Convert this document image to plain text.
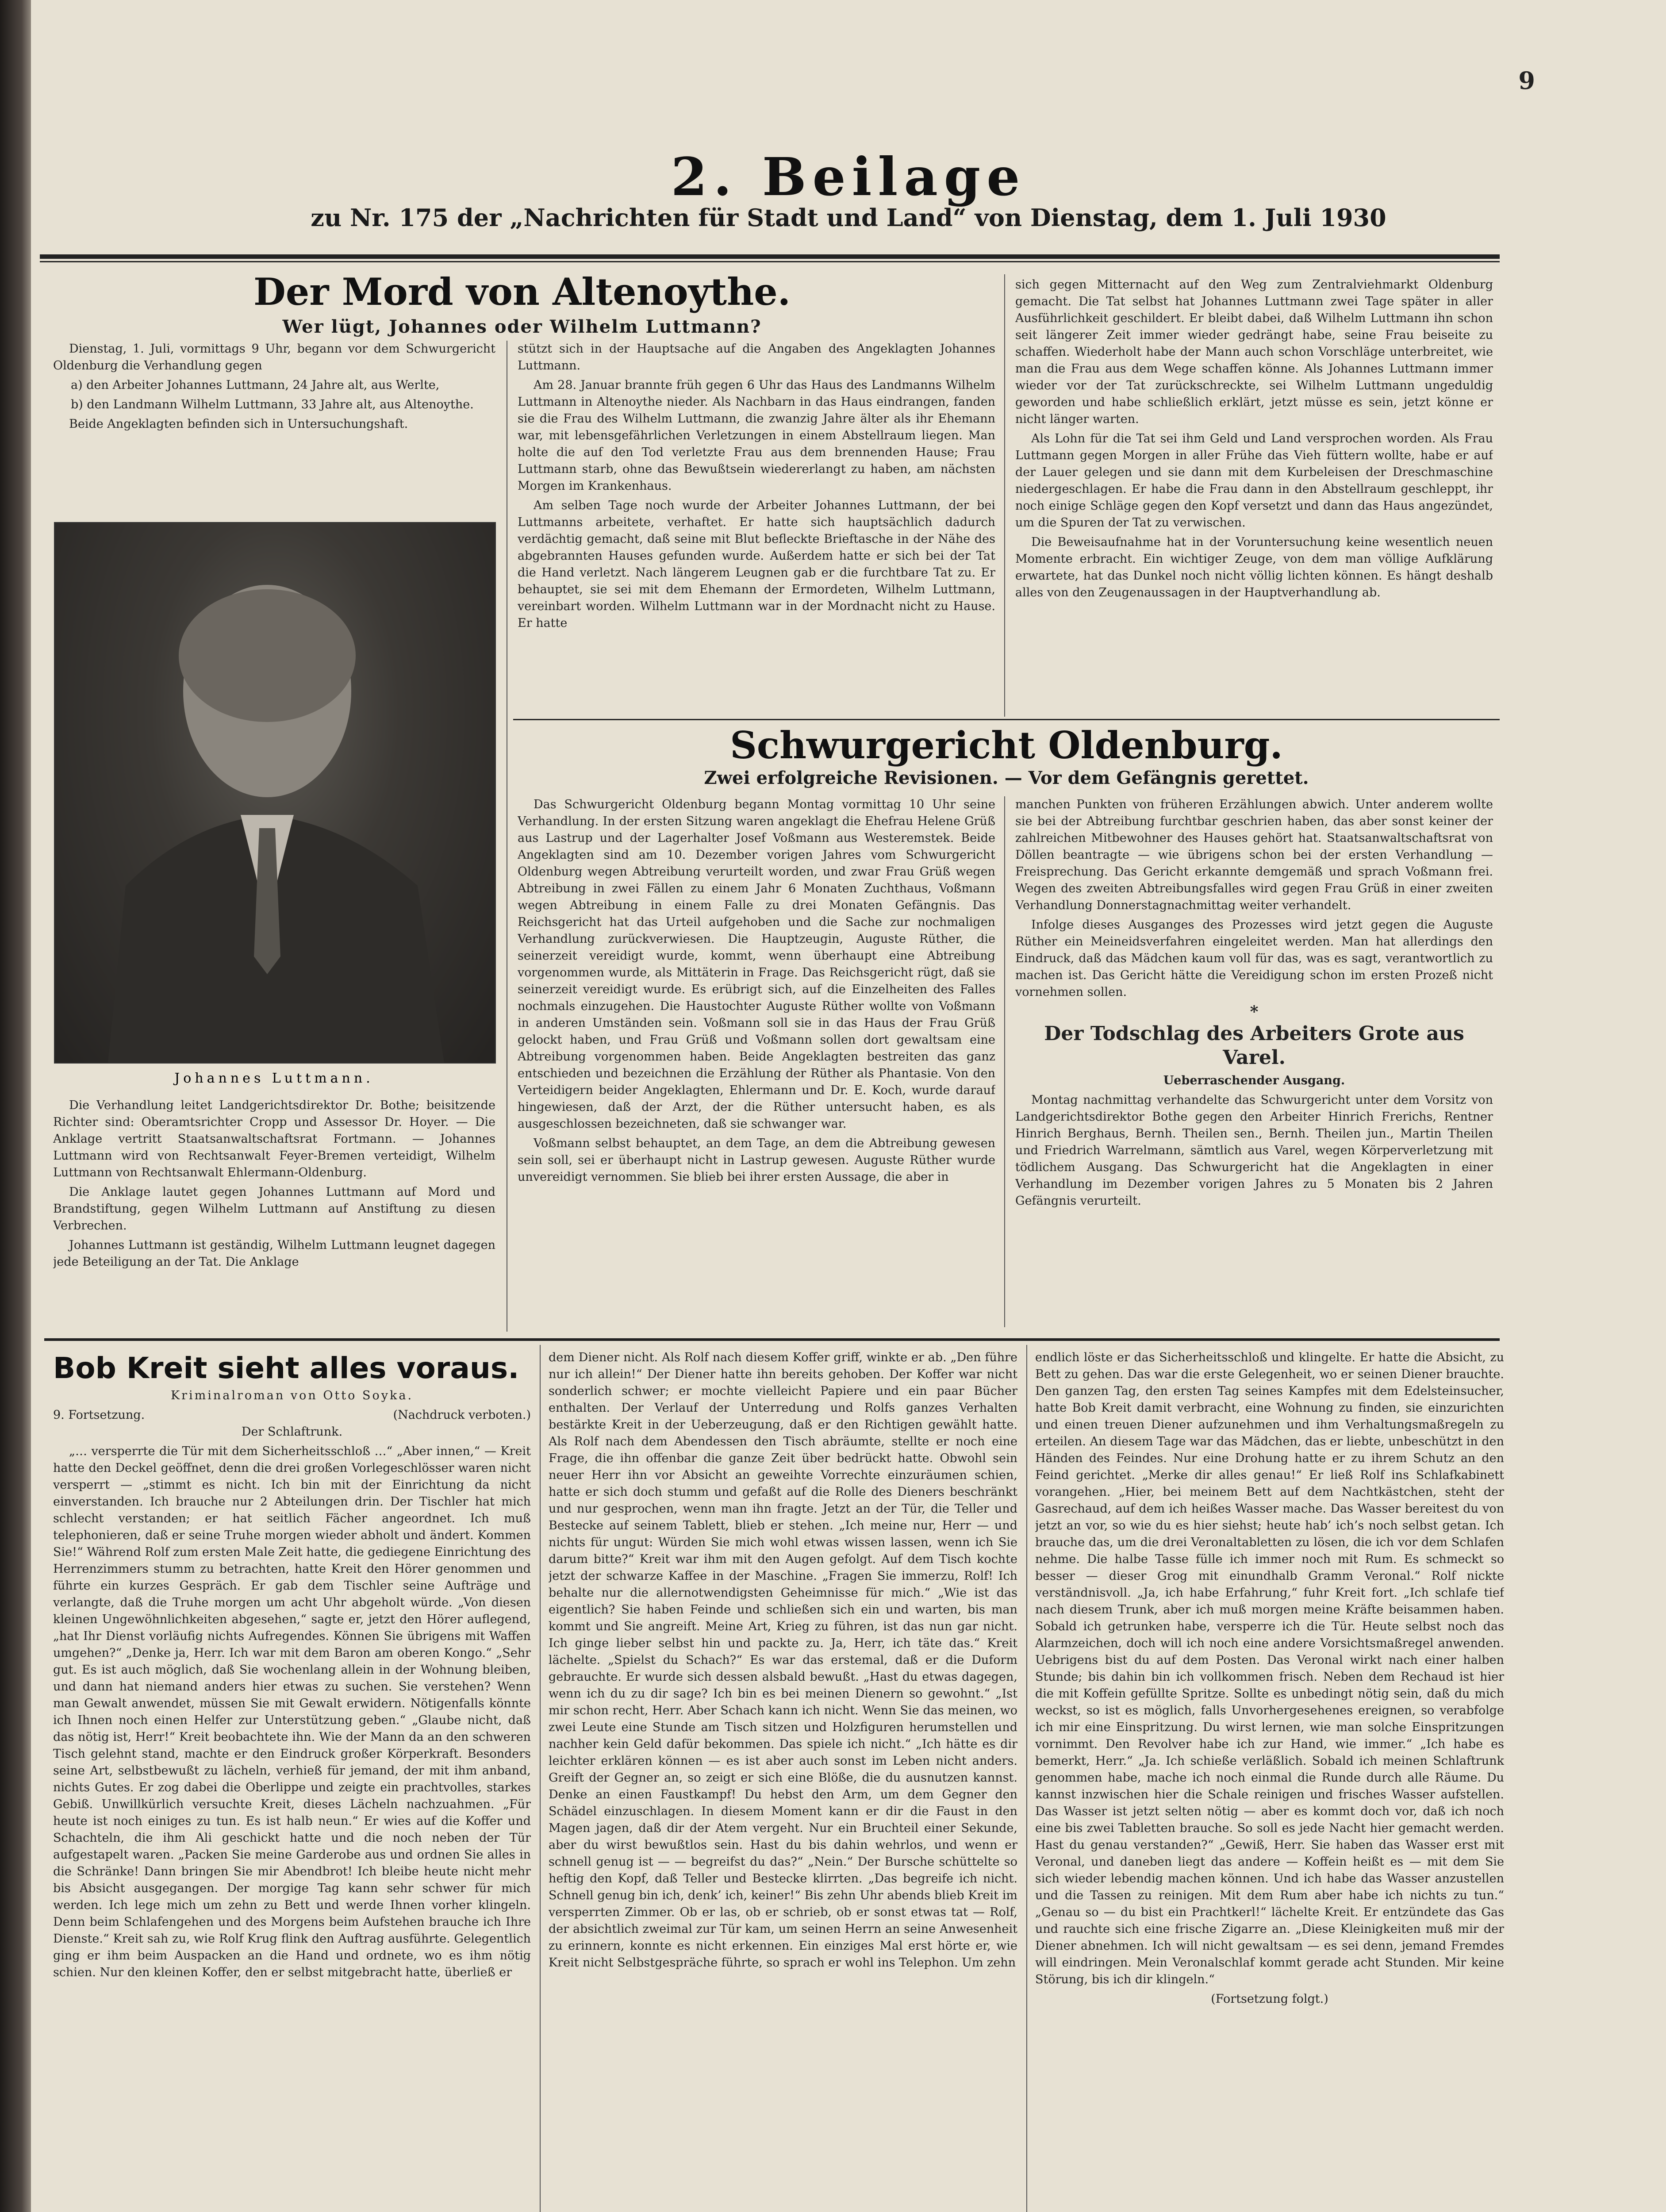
9
2. Beilage
zu Nr. 175 der „Nachrichten für Stadt und Land“ von Dienstag, dem 1. Juli 1930
Der Mord von Altenoythe.
Wer lügt, Johannes oder Wilhelm Luttmann?

Dienstag, 1. Juli, vormittags 9 Uhr, begann vor dem Schwurgericht Oldenburg die Verhandlung gegen

a) den Arbeiter Johannes Luttmann, 24 Jahre alt, aus Werlte,

b) den Landmann Wilhelm Luttmann, 33 Jahre alt, aus Altenoythe.

Beide Angeklagten befinden sich in Untersuchungshaft.

Johannes Luttmann.

Die Verhandlung leitet Landgerichtsdirektor Dr. Bothe; beisitzende Richter sind: Oberamtsrichter Cropp und Assessor Dr. Hoyer. — Die Anklage vertritt Staatsanwaltschaftsrat Fortmann. — Johannes Luttmann wird von Rechtsanwalt Feyer-Bremen verteidigt, Wilhelm Luttmann von Rechtsanwalt Ehlermann-Oldenburg.

Die Anklage lautet gegen Johannes Luttmann auf Mord und Brandstiftung, gegen Wilhelm Luttmann auf Anstiftung zu diesen Verbrechen.

Johannes Luttmann ist geständig, Wilhelm Luttmann leugnet dagegen jede Beteiligung an der Tat. Die Anklage

stützt sich in der Hauptsache auf die Angaben des Angeklagten Johannes Luttmann.

Am 28. Januar brannte früh gegen 6 Uhr das Haus des Landmanns Wilhelm Luttmann in Altenoythe nieder. Als Nachbarn in das Haus eindrangen, fanden sie die Frau des Wilhelm Luttmann, die zwanzig Jahre älter als ihr Ehemann war, mit lebensgefährlichen Verletzungen in einem Abstellraum liegen. Man holte die auf den Tod verletzte Frau aus dem brennenden Hause; Frau Luttmann starb, ohne das Bewußtsein wiedererlangt zu haben, am nächsten Morgen im Krankenhaus.

Am selben Tage noch wurde der Arbeiter Johannes Luttmann, der bei Luttmanns arbeitete, verhaftet. Er hatte sich hauptsächlich dadurch verdächtig gemacht, daß seine mit Blut befleckte Brieftasche in der Nähe des abgebrannten Hauses gefunden wurde. Außerdem hatte er sich bei der Tat die Hand verletzt. Nach längerem Leugnen gab er die furchtbare Tat zu. Er behauptet, sie sei mit dem Ehemann der Ermordeten, Wilhelm Luttmann, vereinbart worden. Wilhelm Luttmann war in der Mordnacht nicht zu Hause. Er hatte

sich gegen Mitternacht auf den Weg zum Zentralviehmarkt Oldenburg gemacht. Die Tat selbst hat Johannes Luttmann zwei Tage später in aller Ausführlichkeit geschildert. Er bleibt dabei, daß Wilhelm Luttmann ihn schon seit längerer Zeit immer wieder gedrängt habe, seine Frau beiseite zu schaffen. Wiederholt habe der Mann auch schon Vorschläge unterbreitet, wie man die Frau aus dem Wege schaffen könne. Als Johannes Luttmann immer wieder vor der Tat zurückschreckte, sei Wilhelm Luttmann ungeduldig geworden und habe schließlich erklärt, jetzt müsse es sein, jetzt könne er nicht länger warten.

Als Lohn für die Tat sei ihm Geld und Land versprochen worden. Als Frau Luttmann gegen Morgen in aller Frühe das Vieh füttern wollte, habe er auf der Lauer gelegen und sie dann mit dem Kurbeleisen der Dreschmaschine niedergeschlagen. Er habe die Frau dann in den Abstellraum geschleppt, ihr noch einige Schläge gegen den Kopf versetzt und dann das Haus angezündet, um die Spuren der Tat zu verwischen.

Die Beweisaufnahme hat in der Voruntersuchung keine wesentlich neuen Momente erbracht. Ein wichtiger Zeuge, von dem man völlige Aufklärung erwartete, hat das Dunkel noch nicht völlig lichten können. Es hängt deshalb alles von den Zeugenaussagen in der Hauptverhandlung ab.

Schwurgericht Oldenburg.
Zwei erfolgreiche Revisionen. — Vor dem Gefängnis gerettet.

Das Schwurgericht Oldenburg begann Montag vormittag 10 Uhr seine Verhandlung. In der ersten Sitzung waren angeklagt die Ehefrau Helene Grüß aus Lastrup und der Lagerhalter Josef Voßmann aus Westeremstek. Beide Angeklagten sind am 10. Dezember vorigen Jahres vom Schwurgericht Oldenburg wegen Abtreibung verurteilt worden, und zwar Frau Grüß wegen Abtreibung in zwei Fällen zu einem Jahr 6 Monaten Zuchthaus, Voßmann wegen Abtreibung in einem Falle zu drei Monaten Gefängnis. Das Reichsgericht hat das Urteil aufgehoben und die Sache zur nochmaligen Verhandlung zurückverwiesen. Die Hauptzeugin, Auguste Rüther, die seinerzeit vereidigt wurde, kommt, wenn überhaupt eine Abtreibung vorgenommen wurde, als Mittäterin in Frage. Das Reichsgericht rügt, daß sie seinerzeit vereidigt wurde. Es erübrigt sich, auf die Einzelheiten des Falles nochmals einzugehen. Die Haustochter Auguste Rüther wollte von Voßmann in anderen Umständen sein. Voßmann soll sie in das Haus der Frau Grüß gelockt haben, und Frau Grüß und Voßmann sollen dort gewaltsam eine Abtreibung vorgenommen haben. Beide Angeklagten bestreiten das ganz entschieden und bezeichnen die Erzählung der Rüther als Phantasie. Von den Verteidigern beider Angeklagten, Ehlermann und Dr. E. Koch, wurde darauf hingewiesen, daß der Arzt, der die Rüther untersucht haben, es als ausgeschlossen bezeichneten, daß sie schwanger war.

Voßmann selbst behauptet, an dem Tage, an dem die Abtreibung gewesen sein soll, sei er überhaupt nicht in Lastrup gewesen. Auguste Rüther wurde unvereidigt vernommen. Sie blieb bei ihrer ersten Aussage, die aber in

manchen Punkten von früheren Erzählungen abwich. Unter anderem wollte sie bei der Abtreibung furchtbar geschrien haben, das aber sonst keiner der zahlreichen Mitbewohner des Hauses gehört hat. Staatsanwaltschaftsrat von Döllen beantragte — wie übrigens schon bei der ersten Verhandlung — Freisprechung. Das Gericht erkannte demgemäß und sprach Voßmann frei. Wegen des zweiten Abtreibungsfalles wird gegen Frau Grüß in einer zweiten Verhandlung Donnerstagnachmittag weiter verhandelt.

Infolge dieses Ausganges des Prozesses wird jetzt gegen die Auguste Rüther ein Meineidsverfahren eingeleitet werden. Man hat allerdings den Eindruck, daß das Mädchen kaum voll für das, was es sagt, verantwortlich zu machen ist. Das Gericht hätte die Vereidigung schon im ersten Prozeß nicht vornehmen sollen.

*

Der Todschlag des Arbeiters Grote aus Varel.

Ueberraschender Ausgang.

Montag nachmittag verhandelte das Schwurgericht unter dem Vorsitz von Landgerichtsdirektor Bothe gegen den Arbeiter Hinrich Frerichs, Rentner Hinrich Berghaus, Bernh. Theilen sen., Bernh. Theilen jun., Martin Theilen und Friedrich Warrelmann, sämtlich aus Varel, wegen Körperverletzung mit tödlichem Ausgang. Das Schwurgericht hat die Angeklagten in einer Verhandlung im Dezember vorigen Jahres zu 5 Monaten bis 2 Jahren Gefängnis verurteilt.

Bob Kreit sieht alles voraus.

Kriminalroman von Otto Soyka.

9. Fortsetzung.	(Nachdruck verboten.)

Der Schlaftrunk.

„… versperrte die Tür mit dem Sicherheitsschloß …“ „Aber innen,“ — Kreit hatte den Deckel geöffnet, denn die drei großen Vorlegeschlösser waren nicht versperrt — „stimmt es nicht. Ich bin mit der Einrichtung da nicht einverstanden. Ich brauche nur 2 Abteilungen drin. Der Tischler hat mich schlecht verstanden; er hat seitlich Fächer angeordnet. Ich muß telephonieren, daß er seine Truhe morgen wieder abholt und ändert. Kommen Sie!“ Während Rolf zum ersten Male Zeit hatte, die gediegene Einrichtung des Herrenzimmers stumm zu betrachten, hatte Kreit den Hörer genommen und führte ein kurzes Gespräch. Er gab dem Tischler seine Aufträge und verlangte, daß die Truhe morgen um acht Uhr abgeholt würde. „Von diesen kleinen Ungewöhnlichkeiten abgesehen,“ sagte er, jetzt den Hörer auflegend, „hat Ihr Dienst vorläufig nichts Aufregendes. Können Sie übrigens mit Waffen umgehen?“ „Denke ja, Herr. Ich war mit dem Baron am oberen Kongo.“ „Sehr gut. Es ist auch möglich, daß Sie wochenlang allein in der Wohnung bleiben, und dann hat niemand anders hier etwas zu suchen. Sie verstehen? Wenn man Gewalt anwendet, müssen Sie mit Gewalt erwidern. Nötigenfalls könnte ich Ihnen noch einen Helfer zur Unterstützung geben.“ „Glaube nicht, daß das nötig ist, Herr!“ Kreit beobachtete ihn. Wie der Mann da an den schweren Tisch gelehnt stand, machte er den Eindruck großer Körperkraft. Besonders seine Art, selbstbewußt zu lächeln, verhieß für jemand, der mit ihm anband, nichts Gutes. Er zog dabei die Oberlippe und zeigte ein prachtvolles, starkes Gebiß. Unwillkürlich versuchte Kreit, dieses Lächeln nachzuahmen. „Für heute ist noch einiges zu tun. Es ist halb neun.“ Er wies auf die Koffer und Schachteln, die ihm Ali geschickt hatte und die noch neben der Tür aufgestapelt waren. „Packen Sie meine Garderobe aus und ordnen Sie alles in die Schränke! Dann bringen Sie mir Abendbrot! Ich bleibe heute nicht mehr bis Absicht ausgegangen. Der morgige Tag kann sehr schwer für mich werden. Ich lege mich um zehn zu Bett und werde Ihnen vorher klingeln. Denn beim Schlafengehen und des Morgens beim Aufstehen brauche ich Ihre Dienste.“ Kreit sah zu, wie Rolf Krug flink den Auftrag ausführte. Gelegentlich ging er ihm beim Auspacken an die Hand und ordnete, wo es ihm nötig schien. Nur den kleinen Koffer, den er selbst mitgebracht hatte, überließ er

dem Diener nicht. Als Rolf nach diesem Koffer griff, winkte er ab. „Den führe nur ich allein!“ Der Diener hatte ihn bereits gehoben. Der Koffer war nicht sonderlich schwer; er mochte vielleicht Papiere und ein paar Bücher enthalten. Der Verlauf der Unterredung und Rolfs ganzes Verhalten bestärkte Kreit in der Ueberzeugung, daß er den Richtigen gewählt hatte. Als Rolf nach dem Abendessen den Tisch abräumte, stellte er noch eine Frage, die ihn offenbar die ganze Zeit über bedrückt hatte. Obwohl sein neuer Herr ihn vor Absicht an geweihte Vorrechte einzuräumen schien, hatte er sich doch stumm und gefaßt auf die Rolle des Dieners beschränkt und nur gesprochen, wenn man ihn fragte. Jetzt an der Tür, die Teller und Bestecke auf seinem Tablett, blieb er stehen. „Ich meine nur, Herr — und nichts für ungut: Würden Sie mich wohl etwas wissen lassen, wenn ich Sie darum bitte?“ Kreit war ihm mit den Augen gefolgt. Auf dem Tisch kochte jetzt der schwarze Kaffee in der Maschine. „Fragen Sie immerzu, Rolf! Ich behalte nur die allernotwendigsten Geheimnisse für mich.“ „Wie ist das eigentlich? Sie haben Feinde und schließen sich ein und warten, bis man kommt und Sie angreift. Meine Art, Krieg zu führen, ist das nun gar nicht. Ich ginge lieber selbst hin und packte zu. Ja, Herr, ich täte das.“ Kreit lächelte. „Spielst du Schach?“ Es war das erstemal, daß er die Duform gebrauchte. Er wurde sich dessen alsbald bewußt. „Hast du etwas dagegen, wenn ich du zu dir sage? Ich bin es bei meinen Dienern so gewohnt.“ „Ist mir schon recht, Herr. Aber Schach kann ich nicht. Wenn Sie das meinen, wo zwei Leute eine Stunde am Tisch sitzen und Holzfiguren herumstellen und nachher kein Geld dafür bekommen. Das spiele ich nicht.“ „Ich hätte es dir leichter erklären können — es ist aber auch sonst im Leben nicht anders. Greift der Gegner an, so zeigt er sich eine Blöße, die du ausnutzen kannst. Denke an einen Faustkampf! Du hebst den Arm, um dem Gegner den Schädel einzuschlagen. In diesem Moment kann er dir die Faust in den Magen jagen, daß dir der Atem vergeht. Nur ein Bruchteil einer Sekunde, aber du wirst bewußtlos sein. Hast du bis dahin wehrlos, und wenn er schnell genug ist — — begreifst du das?“ „Nein.“ Der Bursche schüttelte so heftig den Kopf, daß Teller und Bestecke klirrten. „Das begreife ich nicht. Schnell genug bin ich, denk’ ich, keiner!“ Bis zehn Uhr abends blieb Kreit im versperrten Zimmer. Ob er las, ob er schrieb, ob er sonst etwas tat — Rolf, der absichtlich zweimal zur Tür kam, um seinen Herrn an seine Anwesenheit zu erinnern, konnte es nicht erkennen. Ein einziges Mal erst hörte er, wie Kreit nicht Selbstgespräche führte, so sprach er wohl ins Telephon. Um zehn

endlich löste er das Sicherheitsschloß und klingelte. Er hatte die Absicht, zu Bett zu gehen. Das war die erste Gelegenheit, wo er seinen Diener brauchte. Den ganzen Tag, den ersten Tag seines Kampfes mit dem Edelsteinsucher, hatte Bob Kreit damit verbracht, eine Wohnung zu finden, sie einzurichten und einen treuen Diener aufzunehmen und ihm Verhaltungsmaßregeln zu erteilen. An diesem Tage war das Mädchen, das er liebte, unbeschützt in den Händen des Feindes. Nur eine Drohung hatte er zu ihrem Schutz an den Feind gerichtet. „Merke dir alles genau!“ Er ließ Rolf ins Schlafkabinett vorangehen. „Hier, bei meinem Bett auf dem Nachtkästchen, steht der Gasrechaud, auf dem ich heißes Wasser mache. Das Wasser bereitest du von jetzt an vor, so wie du es hier siehst; heute hab’ ich’s noch selbst getan. Ich brauche das, um die drei Veronaltabletten zu lösen, die ich vor dem Schlafen nehme. Die halbe Tasse fülle ich immer noch mit Rum. Es schmeckt so besser — dieser Grog mit einundhalb Gramm Veronal.“ Rolf nickte verständnisvoll. „Ja, ich habe Erfahrung,“ fuhr Kreit fort. „Ich schlafe tief nach diesem Trunk, aber ich muß morgen meine Kräfte beisammen haben. Sobald ich getrunken habe, versperre ich die Tür. Heute selbst noch das Alarmzeichen, doch will ich noch eine andere Vorsichtsmaßregel anwenden. Uebrigens bist du auf dem Posten. Das Veronal wirkt nach einer halben Stunde; bis dahin bin ich vollkommen frisch. Neben dem Rechaud ist hier die mit Koffein gefüllte Spritze. Sollte es unbedingt nötig sein, daß du mich weckst, so ist es möglich, falls Unvorhergesehenes ereignen, so verabfolge ich mir eine Einspritzung. Du wirst lernen, wie man solche Einspritzungen vornimmt. Den Revolver habe ich zur Hand, wie immer.“ „Ich habe es bemerkt, Herr.“ „Ja. Ich schieße verläßlich. Sobald ich meinen Schlaftrunk genommen habe, mache ich noch einmal die Runde durch alle Räume. Du kannst inzwischen hier die Schale reinigen und frisches Wasser aufstellen. Das Wasser ist jetzt selten nötig — aber es kommt doch vor, daß ich noch eine bis zwei Tabletten brauche. So soll es jede Nacht hier gemacht werden. Hast du genau verstanden?“ „Gewiß, Herr. Sie haben das Wasser erst mit Veronal, und daneben liegt das andere — Koffein heißt es — mit dem Sie sich wieder lebendig machen können. Und ich habe das Wasser anzustellen und die Tassen zu reinigen. Mit dem Rum aber habe ich nichts zu tun.“ „Genau so — du bist ein Prachtkerl!“ lächelte Kreit. Er entzündete das Gas und rauchte sich eine frische Zigarre an. „Diese Kleinigkeiten muß mir der Diener abnehmen. Ich will nicht gewaltsam — es sei denn, jemand Fremdes will eindringen. Mein Veronalschlaf kommt gerade acht Stunden. Mir keine Störung, bis ich dir klingeln.“

(Fortsetzung folgt.)
